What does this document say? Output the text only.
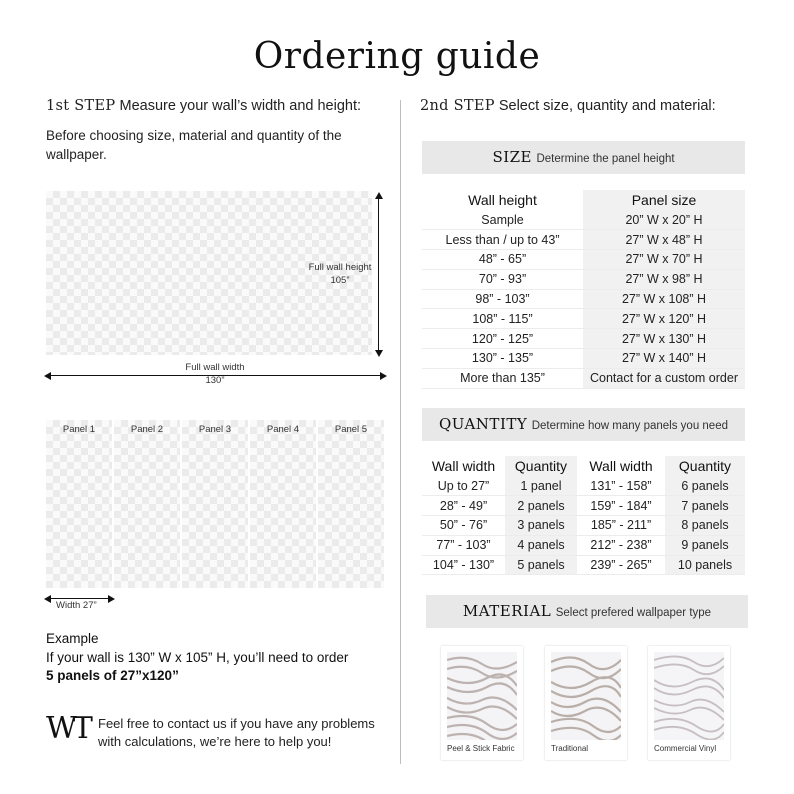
Ordering guide
1st STEP Measure your wall’s width and height:
Before choosing size, material and quantity of the wallpaper.
Full wall height
105”
Full wall width
130”
Panel 1	Panel 2	Panel 3	Panel 4	Panel 5
Width 27”
Example
If your wall is 130” W x 105” H, you’ll need to order
5 panels of 27”x120”
WT Feel free to contact us if you have any problems with calculations, we’re here to help you!
2nd STEP Select size, quantity and material:
SIZE Determine the panel height
Wall height	Panel size
Sample	20” W x 20” H
Less than / up to 43”	27” W x 48” H
48” - 65”	27” W x 70” H
70” - 93”	27” W x 98” H
98” - 103”	27” W x 108” H
108” - 115”	27” W x 120” H
120” - 125”	27” W x 130” H
130” - 135”	27” W x 140” H
More than 135”	Contact for a custom order
QUANTITY Determine how many panels you need
Wall width	Quantity	Wall width	Quantity
Up to 27”	1 panel	131” - 158”	6 panels
28” - 49”	2 panels	159” - 184”	7 panels
50” - 76”	3 panels	185” - 211”	8 panels
77” - 103”	4 panels	212” - 238”	9 panels
104” - 130”	5 panels	239” - 265”	10 panels
MATERIAL Select prefered wallpaper type
Peel & Stick Fabric	Traditional	Commercial Vinyl
